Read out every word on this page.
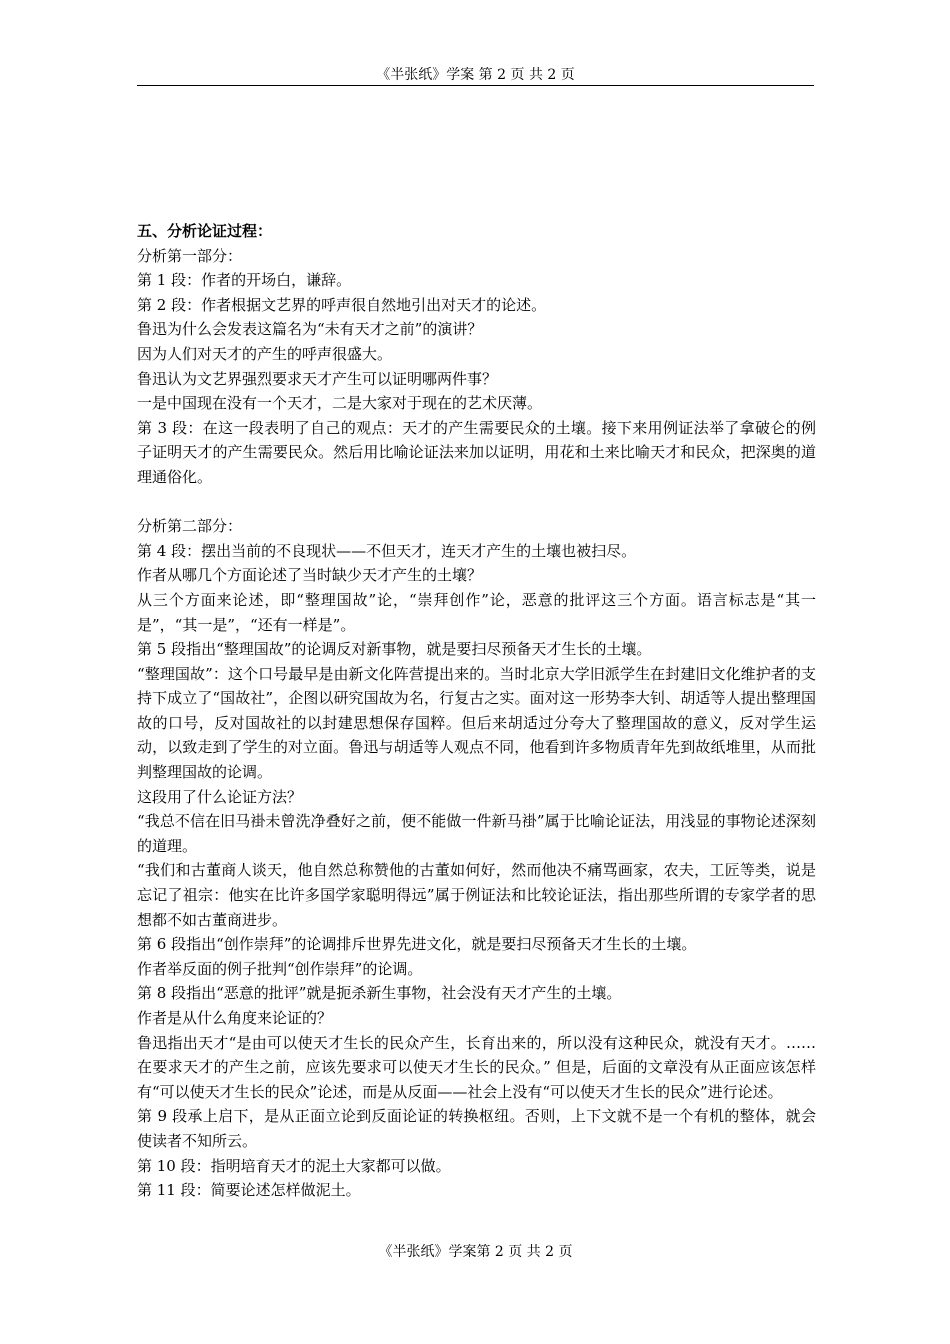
《半张纸》学案 第 2 页 共 2 页

五、分析论证过程：

分析第一部分：

第 1 段：作者的开场白，谦辞。

第 2 段：作者根据文艺界的呼声很自然地引出对天才的论述。

鲁迅为什么会发表这篇名为“未有天才之前”的演讲？

因为人们对天才的产生的呼声很盛大。

鲁迅认为文艺界强烈要求天才产生可以证明哪两件事？

一是中国现在没有一个天才，二是大家对于现在的艺术厌薄。

第 3 段：在这一段表明了自己的观点：天才的产生需要民众的土壤。接下来用例证法举了拿破仑的例子证明天才的产生需要民众。然后用比喻论证法来加以证明，用花和土来比喻天才和民众，把深奥的道理通俗化。

分析第二部分：

第 4 段：摆出当前的不良现状——不但天才，连天才产生的土壤也被扫尽。

作者从哪几个方面论述了当时缺少天才产生的土壤？

从三个方面来论述，即“整理国故”论，“崇拜创作”论，恶意的批评这三个方面。语言标志是“其一是”，“其一是”，“还有一样是”。

第 5 段指出“整理国故”的论调反对新事物，就是要扫尽预备天才生长的土壤。

“整理国故”：这个口号最早是由新文化阵营提出来的。当时北京大学旧派学生在封建旧文化维护者的支持下成立了“国故社”，企图以研究国故为名，行复古之实。面对这一形势李大钊、胡适等人提出整理国故的口号，反对国故社的以封建思想保存国粹。但后来胡适过分夸大了整理国故的意义，反对学生运动，以致走到了学生的对立面。鲁迅与胡适等人观点不同，他看到许多物质青年先到故纸堆里，从而批判整理国故的论调。

这段用了什么论证方法？

“我总不信在旧马褂未曾洗净叠好之前，便不能做一件新马褂”属于比喻论证法，用浅显的事物论述深刻的道理。

“我们和古董商人谈天，他自然总称赞他的古董如何好，然而他决不痛骂画家，农夫，工匠等类，说是忘记了祖宗：他实在比许多国学家聪明得远”属于例证法和比较论证法，指出那些所谓的专家学者的思想都不如古董商进步。

第 6 段指出“创作崇拜”的论调排斥世界先进文化，就是要扫尽预备天才生长的土壤。

作者举反面的例子批判“创作崇拜”的论调。

第 8 段指出“恶意的批评”就是扼杀新生事物，社会没有天才产生的土壤。

作者是从什么角度来论证的？

鲁迅指出天才“是由可以使天才生长的民众产生，长育出来的，所以没有这种民众，就没有天才。……在要求天才的产生之前，应该先要求可以使天才生长的民众。” 但是，后面的文章没有从正面应该怎样有“可以使天才生长的民众”论述，而是从反面——社会上没有“可以使天才生长的民众”进行论述。

第 9 段承上启下，是从正面立论到反面论证的转换枢纽。否则，上下文就不是一个有机的整体，就会使读者不知所云。

第 10 段：指明培育天才的泥土大家都可以做。

第 11 段：简要论述怎样做泥土。

《半张纸》学案第 2 页 共 2 页
